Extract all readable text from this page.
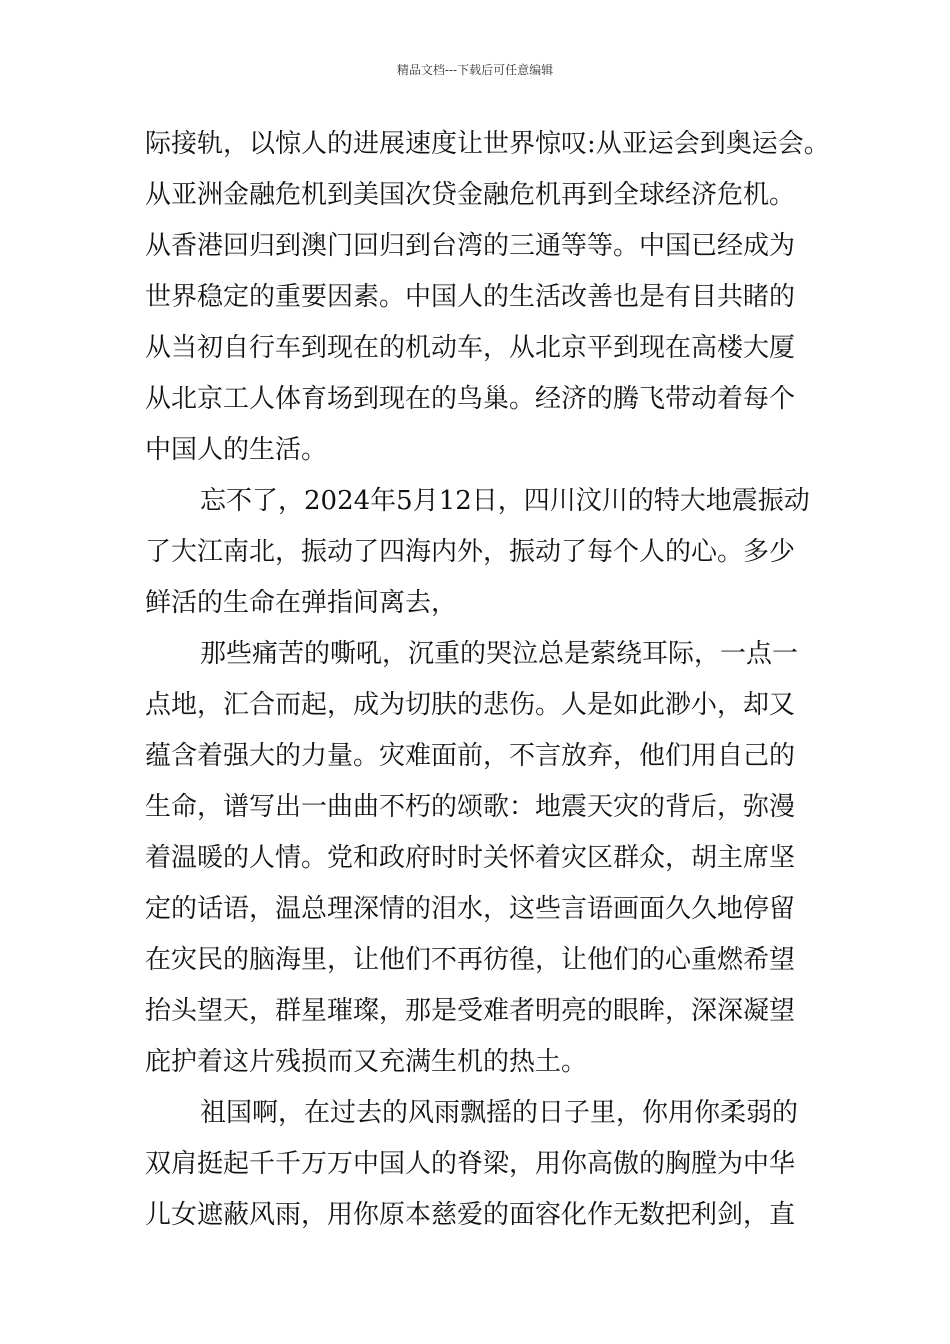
精品文档---下载后可任意编辑
际接轨，以惊人的进展速度让世界惊叹:从亚运会到奥运会。
从亚洲金融危机到美国次贷金融危机再到全球经济危机。
从香港回归到澳门回归到台湾的三通等等。中国已经成为
世界稳定的重要因素。中国人的生活改善也是有目共睹的
从当初自行车到现在的机动车，从北京平到现在高楼大厦
从北京工人体育场到现在的鸟巢。经济的腾飞带动着每个
中国人的生活。
忘不了，2024年5月12日，四川汶川的特大地震振动
了大江南北，振动了四海内外，振动了每个人的心。多少
鲜活的生命在弹指间离去，
那些痛苦的嘶吼，沉重的哭泣总是萦绕耳际，一点一
点地，汇合而起，成为切肤的悲伤。人是如此渺小，却又
蕴含着强大的力量。灾难面前，不言放弃，他们用自己的
生命，谱写出一曲曲不朽的颂歌：地震天灾的背后，弥漫
着温暖的人情。党和政府时时关怀着灾区群众，胡主席坚
定的话语，温总理深情的泪水，这些言语画面久久地停留
在灾民的脑海里，让他们不再彷徨，让他们的心重燃希望
抬头望天，群星璀璨，那是受难者明亮的眼眸，深深凝望
庇护着这片残损而又充满生机的热土。
祖国啊，在过去的风雨飘摇的日子里，你用你柔弱的
双肩挺起千千万万中国人的脊梁，用你高傲的胸膛为中华
儿女遮蔽风雨，用你原本慈爱的面容化作无数把利剑，直
